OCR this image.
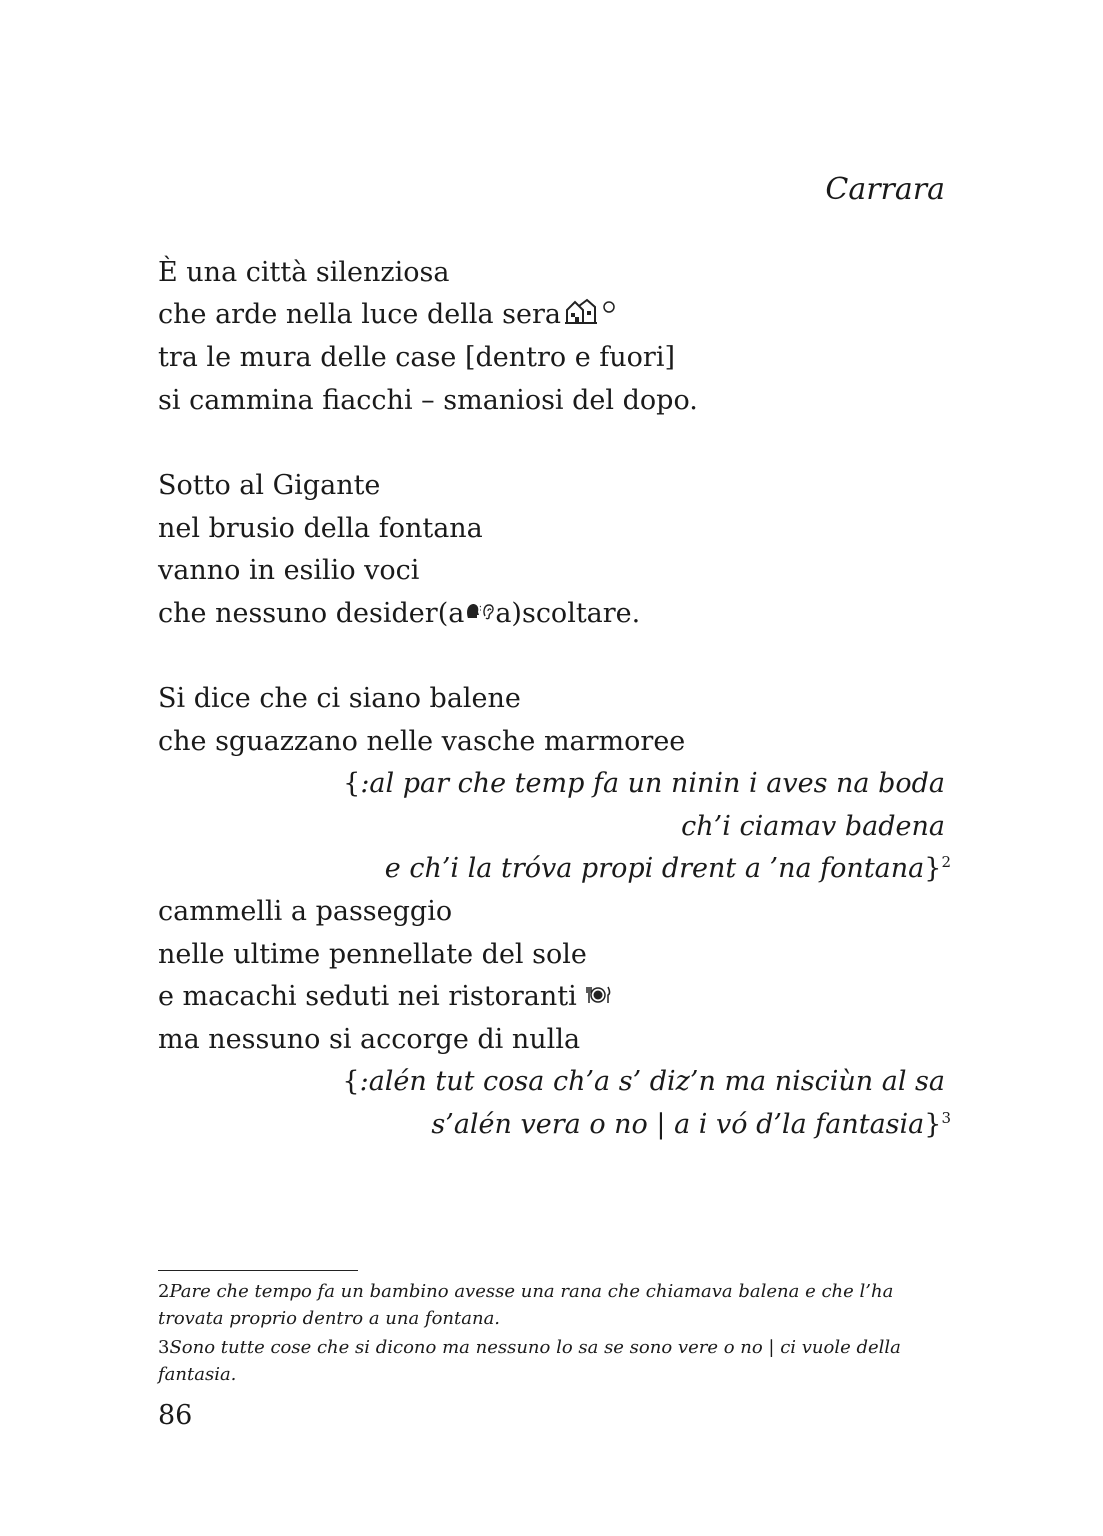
Carrara
È una città silenziosa
che arde nella luce della sera
tra le mura delle case [dentro e fuori]
si cammina fiacchi – smaniosi del dopo.
Sotto al Gigante
nel brusio della fontana
vanno in esilio voci
che nessuno desider(a a)scoltare.
Si dice che ci siano balene
che sguazzano nelle vasche marmoree
{:al par che temp fa un ninin i aves na boda
ch’i ciamav badena
e ch’i la tróva propi drent a ’na fontana}$^2$
cammelli a passeggio
nelle ultime pennellate del sole
e macachi seduti nei ristoranti
ma nessuno si accorge di nulla
{:alén tut cosa ch’a s’ diz’n ma nisciùn al sa
s’alén vera o no | a i vó d’la fantasia}$^3$
2Pare che tempo fa un bambino avesse una rana che chiamava balena e che l’ha trovata proprio dentro a una fontana.
3Sono tutte cose che si dicono ma nessuno lo sa se sono vere o no | ci vuole della fantasia.
86
